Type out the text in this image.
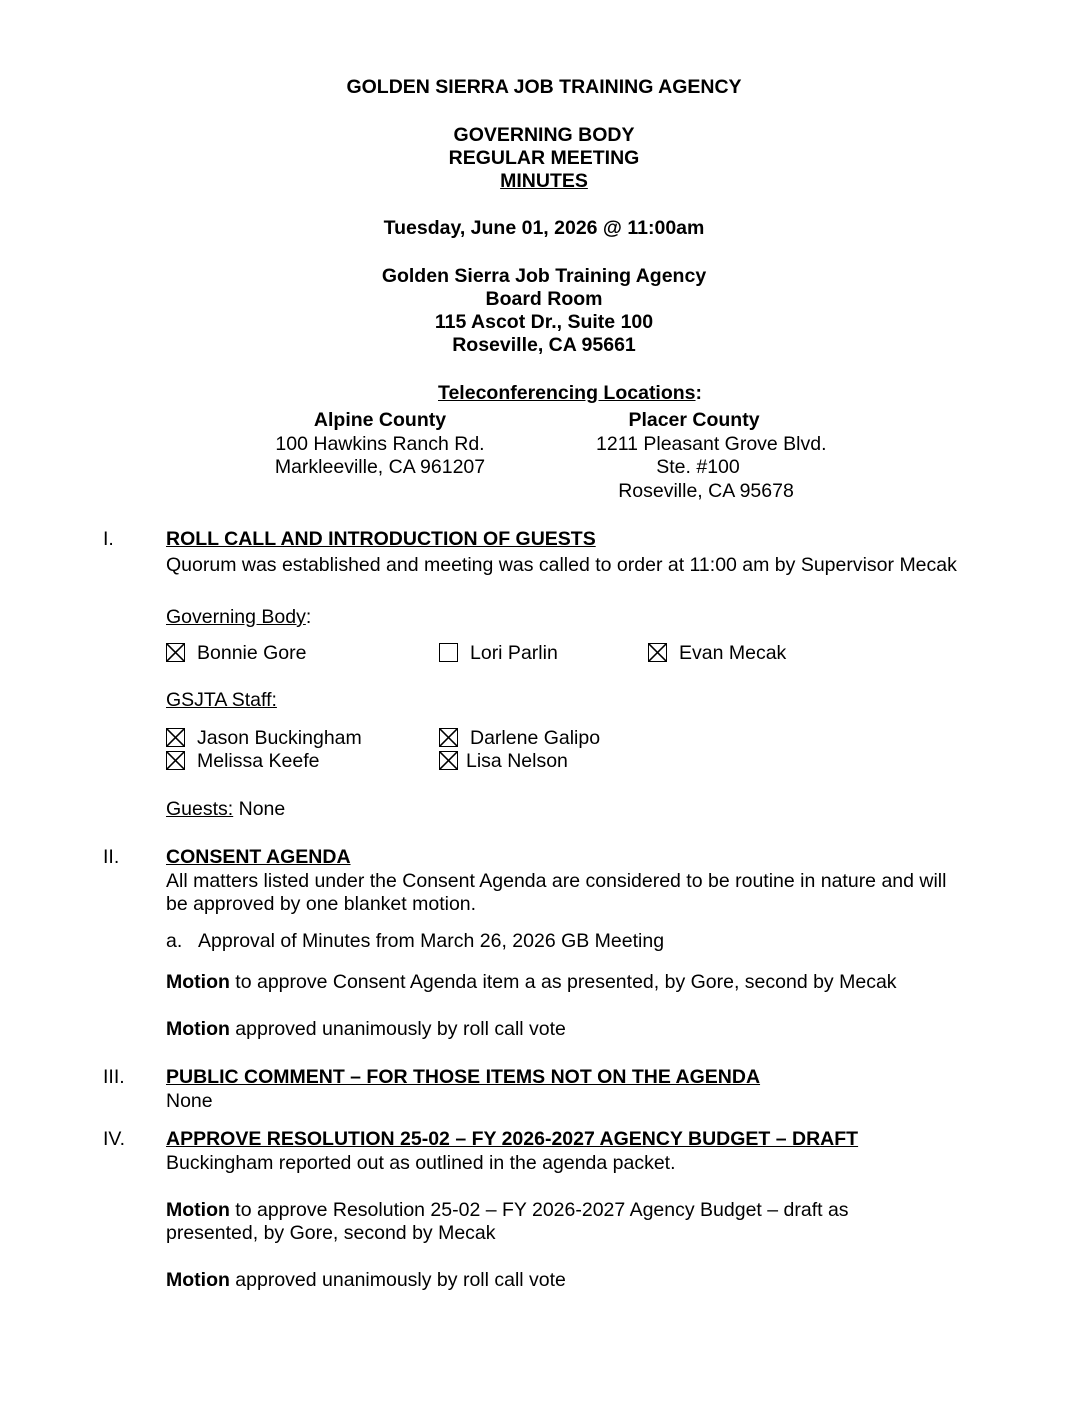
GOLDEN SIERRA JOB TRAINING AGENCY
GOVERNING BODY
REGULAR MEETING
MINUTES
Tuesday, June 01, 2026 @ 11:00am
Golden Sierra Job Training Agency
Board Room
115 Ascot Dr., Suite 100
Roseville, CA 95661
Teleconferencing Locations:
Alpine County
100 Hawkins Ranch Rd.
Markleeville, CA 961207
Placer County
1211 Pleasant Grove Blvd.
Ste. #100
Roseville, CA 95678
I.	ROLL CALL AND INTRODUCTION OF GUESTS
Quorum was established and meeting was called to order at 11:00 am by Supervisor Mecak
Governing Body:
Bonnie Gore	Lori Parlin	Evan Mecak
GSJTA Staff:
Jason Buckingham	Darlene Galipo
Melissa Keefe	Lisa Nelson
Guests: None
II. CONSENT AGENDA
All matters listed under the Consent Agenda are considered to be routine in nature and will
be approved by one blanket motion.
a. Approval of Minutes from March 26, 2026 GB Meeting
Motion to approve Consent Agenda item a as presented, by Gore, second by Mecak
Motion approved unanimously by roll call vote
III. PUBLIC COMMENT – FOR THOSE ITEMS NOT ON THE AGENDA
None
IV. APPROVE RESOLUTION 25-02 – FY 2026-2027 AGENCY BUDGET – DRAFT
Buckingham reported out as outlined in the agenda packet.
Motion to approve Resolution 25-02 – FY 2026-2027 Agency Budget – draft as
presented, by Gore, second by Mecak
Motion approved unanimously by roll call vote
